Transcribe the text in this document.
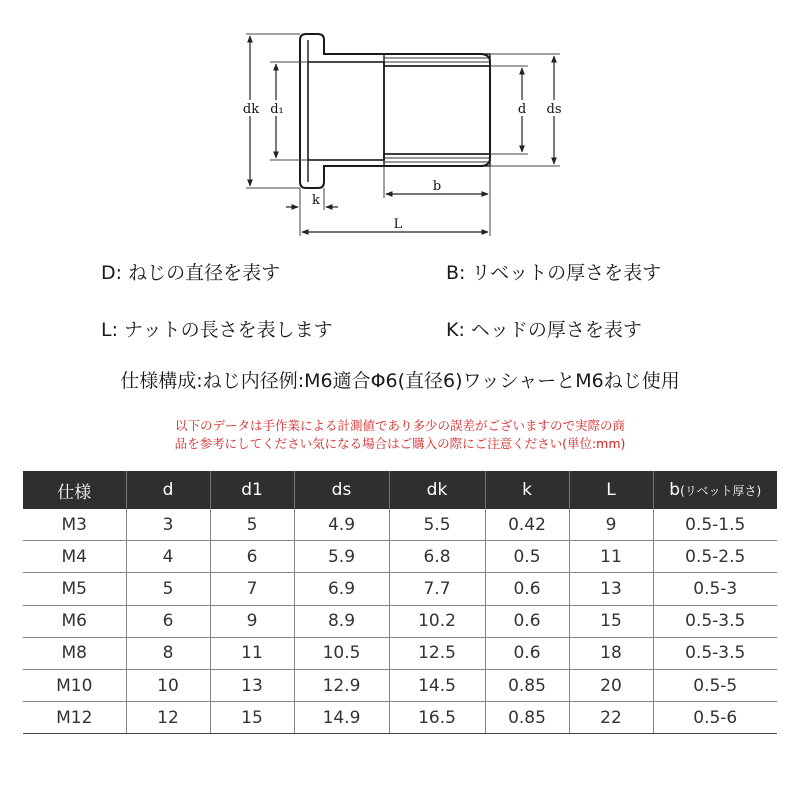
dk d₁	d ds
b
L
k
D: ねじの直径を表す	B: リベットの厚さを表す
L: ナットの長さを表します	K: ヘッドの厚さを表す
仕様構成:ねじ内径例:M6適合Φ6(直径6)ワッシャーとM6ねじ使用
以下のデータは手作業による計測値であり多少の誤差がございますので実際の商
品を参考にしてください気になる場合はご購入の際にご注意ください(単位:mm)
仕様	d	d1	ds	dk	k	L	b(リベット厚さ)
M3	3	5	4.9	5.5	0.42	9	0.5-1.5
M4	4	6	5.9	6.8	0.5	11	0.5-2.5
M5	5	7	6.9	7.7	0.6	13	0.5-3
M6	6	9	8.9	10.2	0.6	15	0.5-3.5
M8	8	11	10.5	12.5	0.6	18	0.5-3.5
M10	10	13	12.9	14.5	0.85	20	0.5-5
M12	12	15	14.9	16.5	0.85	22	0.5-6
